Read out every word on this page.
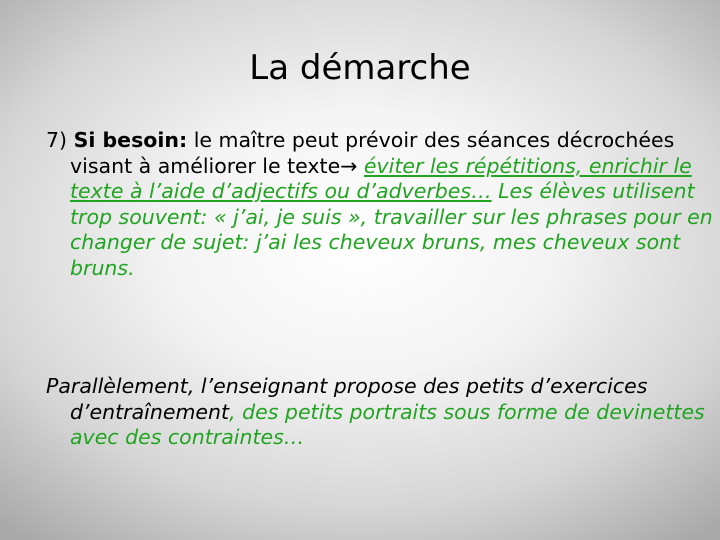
La démarche

7) Si besoin: le maître peut prévoir des séances décrochées visant à améliorer le texte→ éviter les répétitions, enrichir le texte à l’aide d’adjectifs ou d’adverbes… Les élèves utilisent trop souvent: « j’ai, je suis », travailler sur les phrases pour en changer de sujet: j’ai les cheveux bruns, mes cheveux sont bruns.

Parallèlement, l’enseignant propose des petits d’exercices d’entraînement, des petits portraits sous forme de devinettes avec des contraintes…
